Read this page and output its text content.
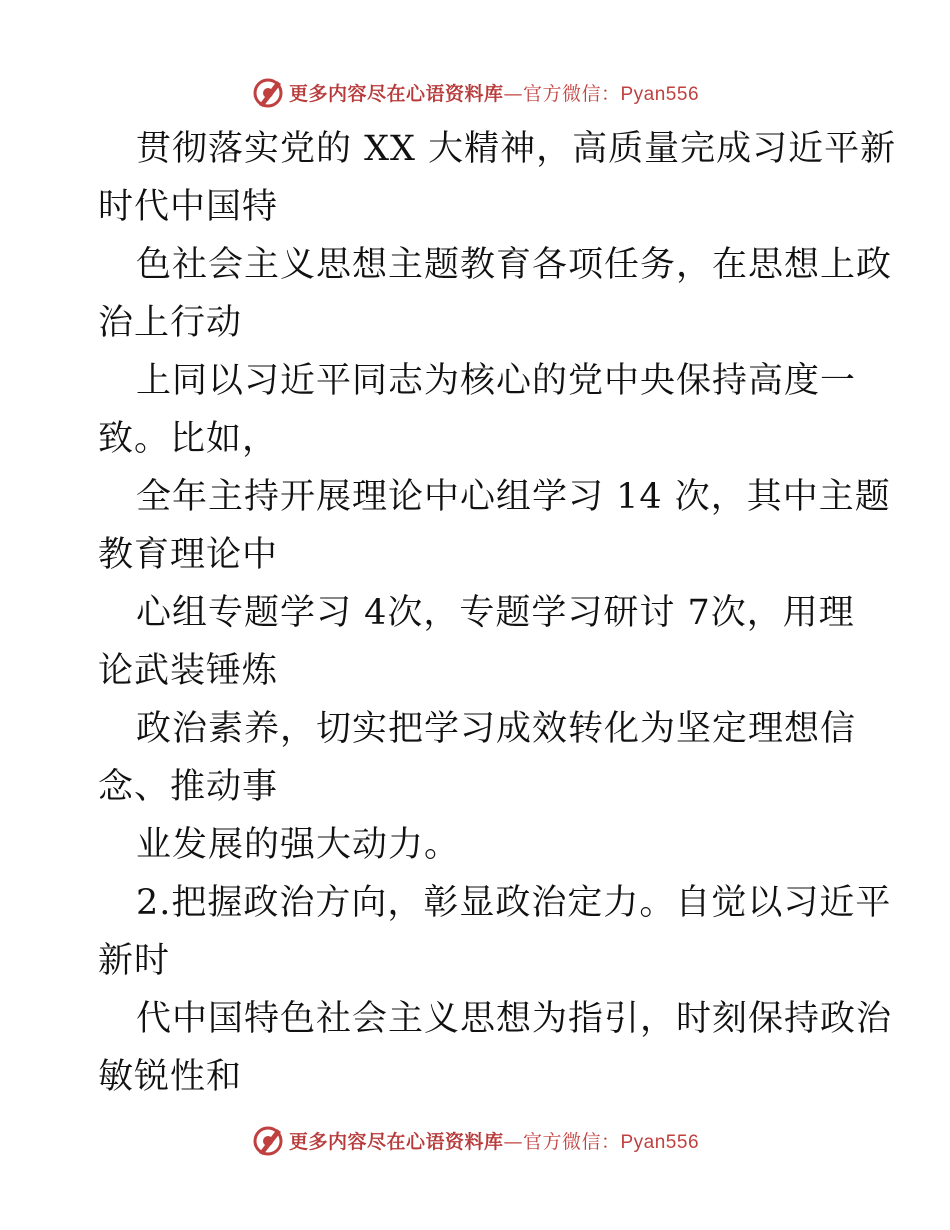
更多内容尽在心语资料库—官方微信：Pyan556
贯彻落实党的 XX 大精神，高质量完成习近平新
时代中国特
色社会主义思想主题教育各项任务，在思想上政
治上行动
上同以习近平同志为核心的党中央保持高度一
致。比如，
全年主持开展理论中心组学习 14 次，其中主题
教育理论中
心组专题学习 4次，专题学习研讨 7次，用理
论武装锤炼
政治素养，切实把学习成效转化为坚定理想信
念、推动事
业发展的强大动力。
2.把握政治方向，彰显政治定力。自觉以习近平
新时
代中国特色社会主义思想为指引，时刻保持政治
敏锐性和
更多内容尽在心语资料库—官方微信：Pyan556
